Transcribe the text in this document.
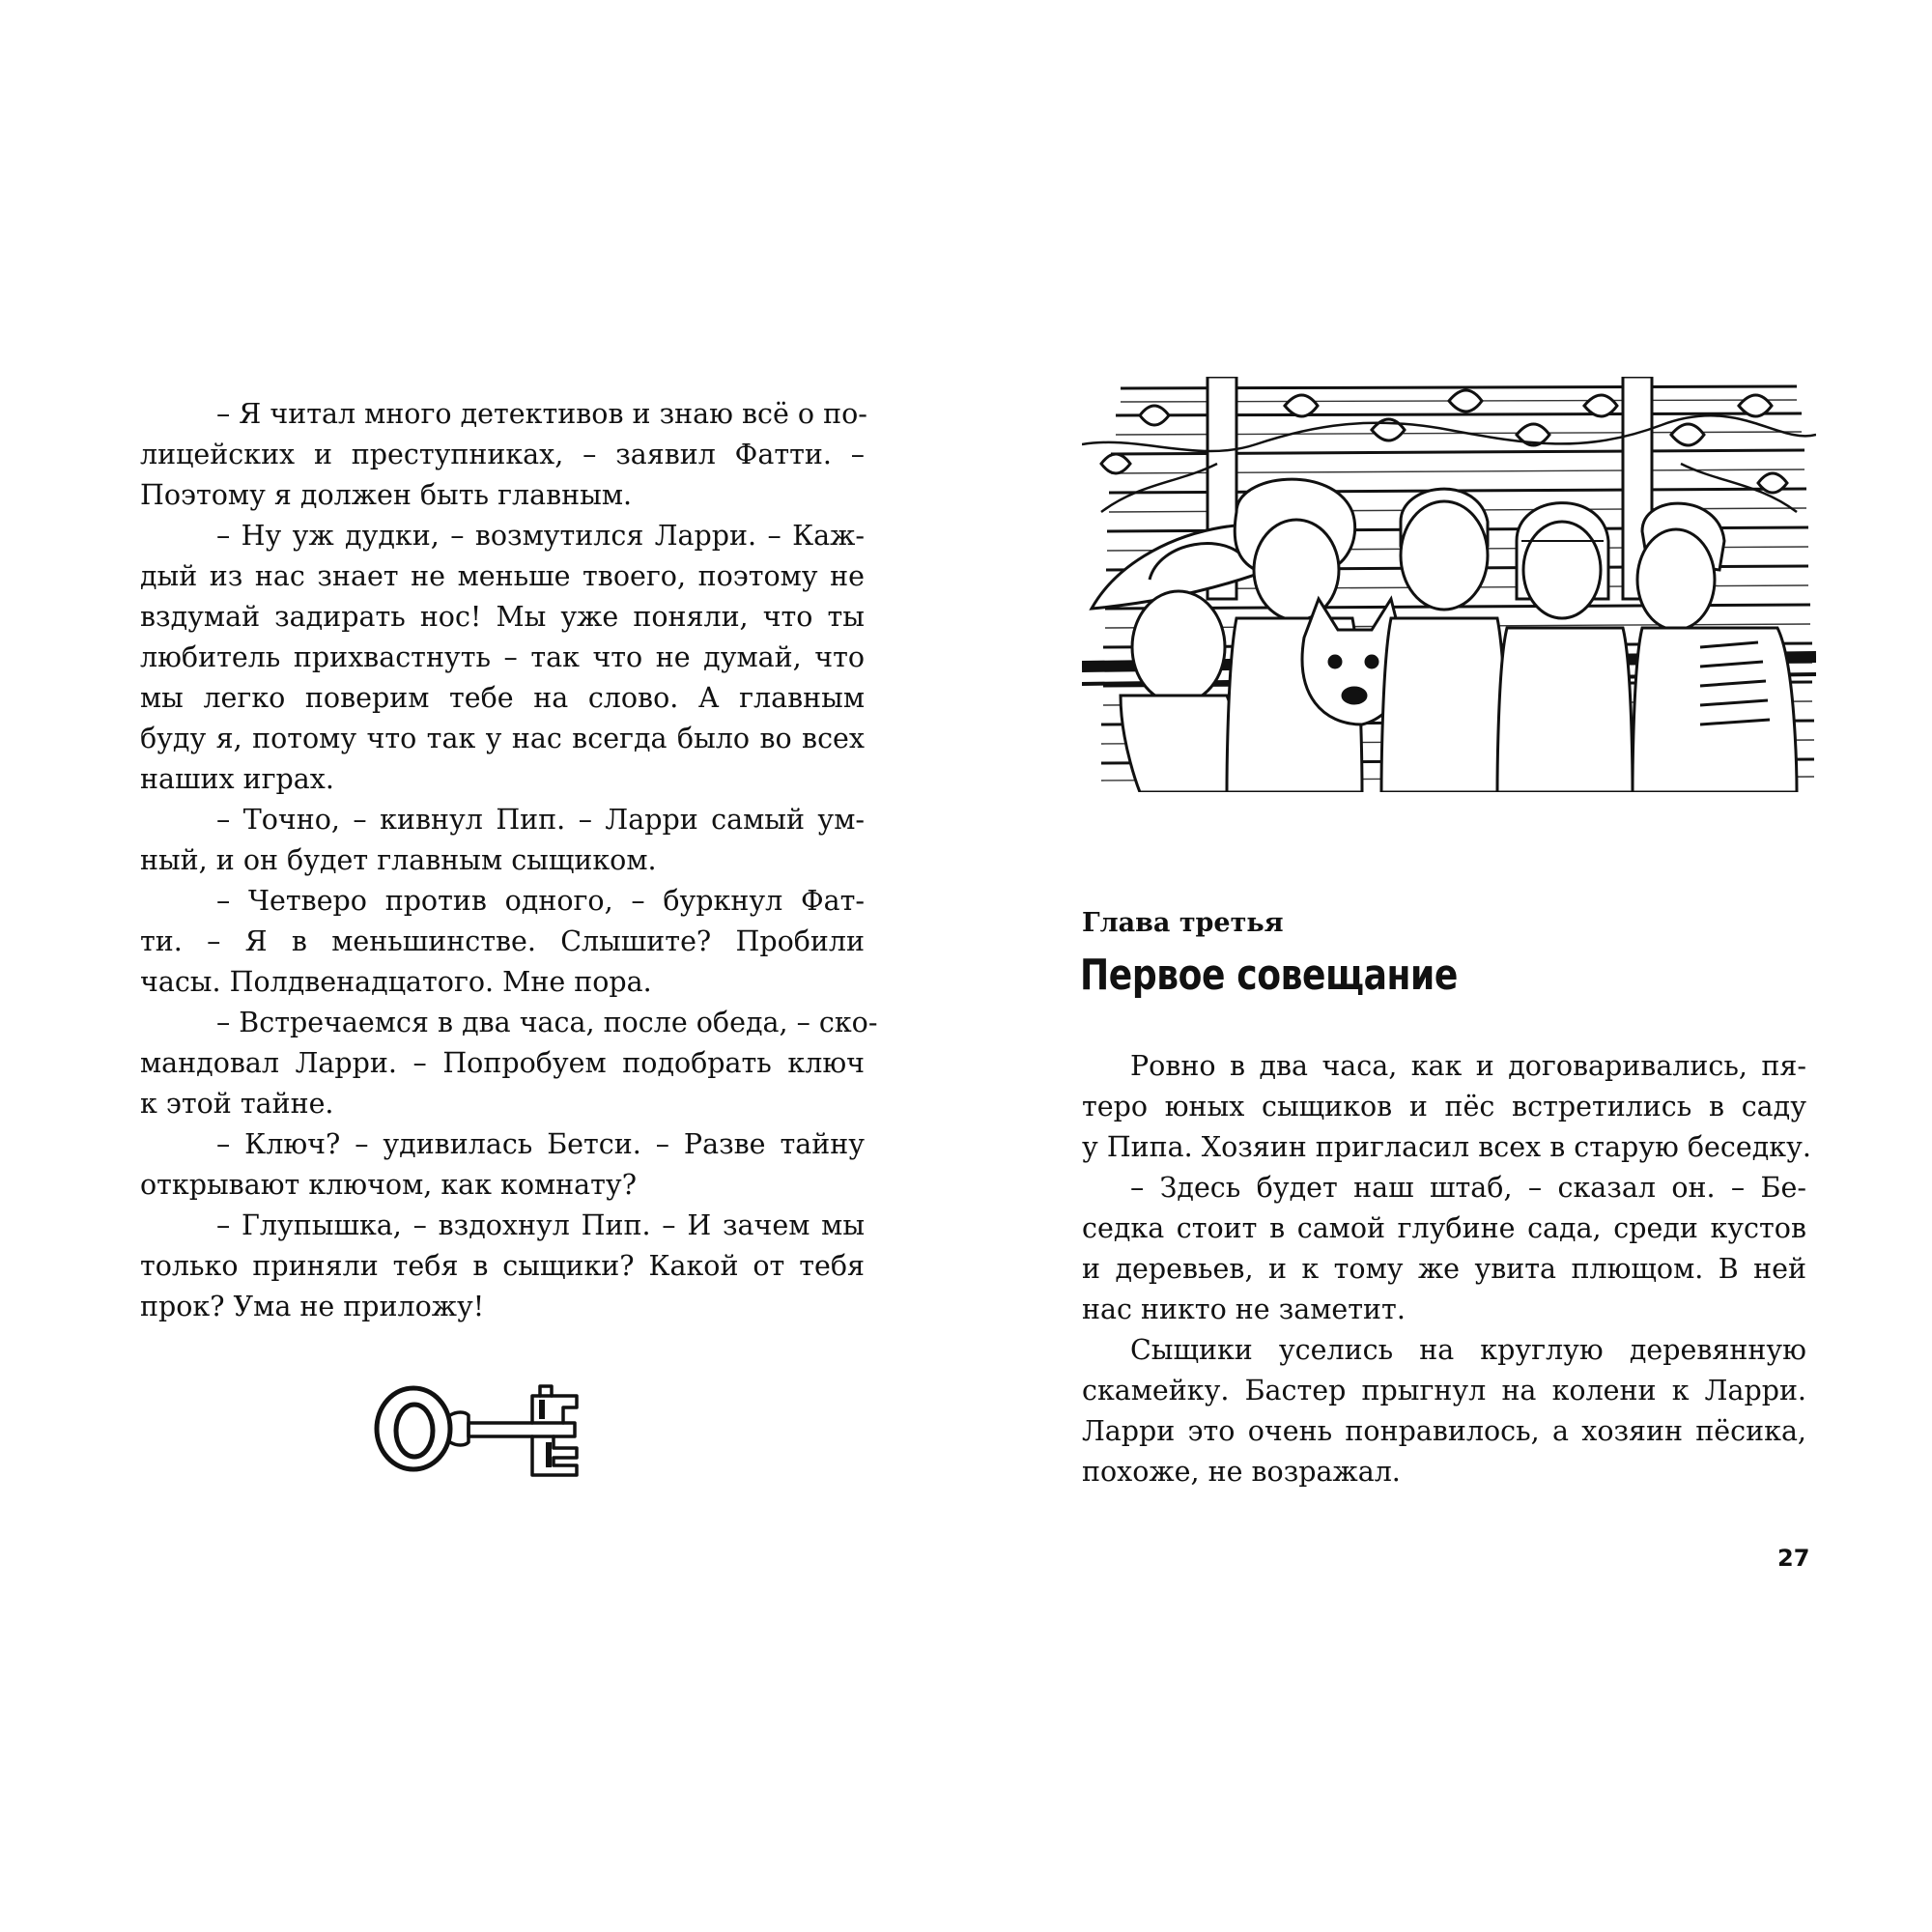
– Я читал много детективов и знаю всё о по-
лицейских и преступниках, – заявил Фатти. –
Поэтому я должен быть главным.
– Ну уж дудки, – возмутился Ларри. – Каж-
дый из нас знает не меньше твоего, поэтому не
вздумай задирать нос! Мы уже поняли, что ты
любитель прихвастнуть – так что не думай, что
мы легко поверим тебе на слово. А главным
буду я, потому что так у нас всегда было во всех
наших играх.
– Точно, – кивнул Пип. – Ларри самый ум-
ный, и он будет главным сыщиком.
– Четверо против одного, – буркнул Фат-
ти. – Я в меньшинстве. Слышите? Пробили
часы. Полдвенадцатого. Мне пора.
– Встречаемся в два часа, после обеда, – ско-
мандовал Ларри. – Попробуем подобрать ключ
к этой тайне.
– Ключ? – удивилась Бетси. – Разве тайну
открывают ключом, как комнату?
– Глупышка, – вздохнул Пип. – И зачем мы
только приняли тебя в сыщики? Какой от тебя
прок? Ума не приложу!
Глава третья
Первое совещание
Ровно в два часа, как и договаривались, пя-
теро юных сыщиков и пёс встретились в саду
у Пипа. Хозяин пригласил всех в старую беседку.
– Здесь будет наш штаб, – сказал он. – Бе-
седка стоит в самой глубине сада, среди кустов
и деревьев, и к тому же увита плющом. В ней
нас никто не заметит.
Сыщики уселись на круглую деревянную
скамейку. Бастер прыгнул на колени к Ларри.
Ларри это очень понравилось, а хозяин пёсика,
похоже, не возражал.
27
